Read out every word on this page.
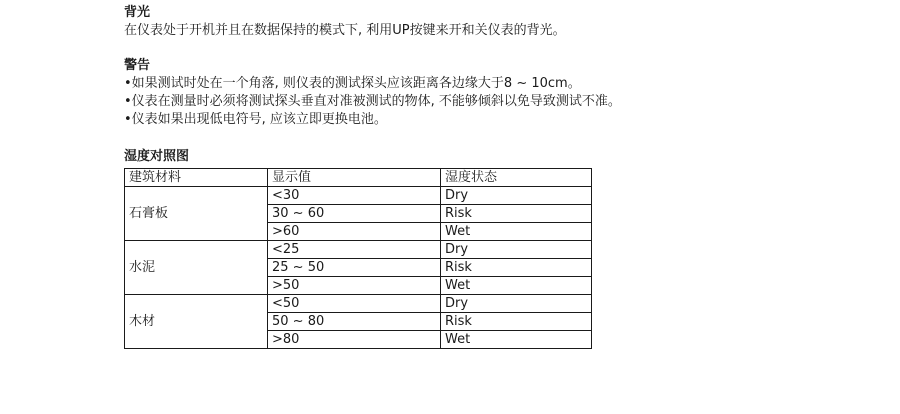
背光

在仪表处于开机并且在数据保持的模式下, 利用UP按键来开和关仪表的背光。

警告

•如果测试时处在一个角落, 则仪表的测试探头应该距离各边缘大于8 ~ 10cm。

•仪表在测量时必须将测试探头垂直对准被测试的物体, 不能够倾斜以免导致测试不准。

•仪表如果出现低电符号, 应该立即更换电池。

湿度对照图

建筑材料	显示值	湿度状态
石膏板	<30	Dry
	30 ~ 60	Risk
	>60	Wet
水泥	<25	Dry
	25 ~ 50	Risk
	>50	Wet
木材	<50	Dry
	50 ~ 80	Risk
	>80	Wet
